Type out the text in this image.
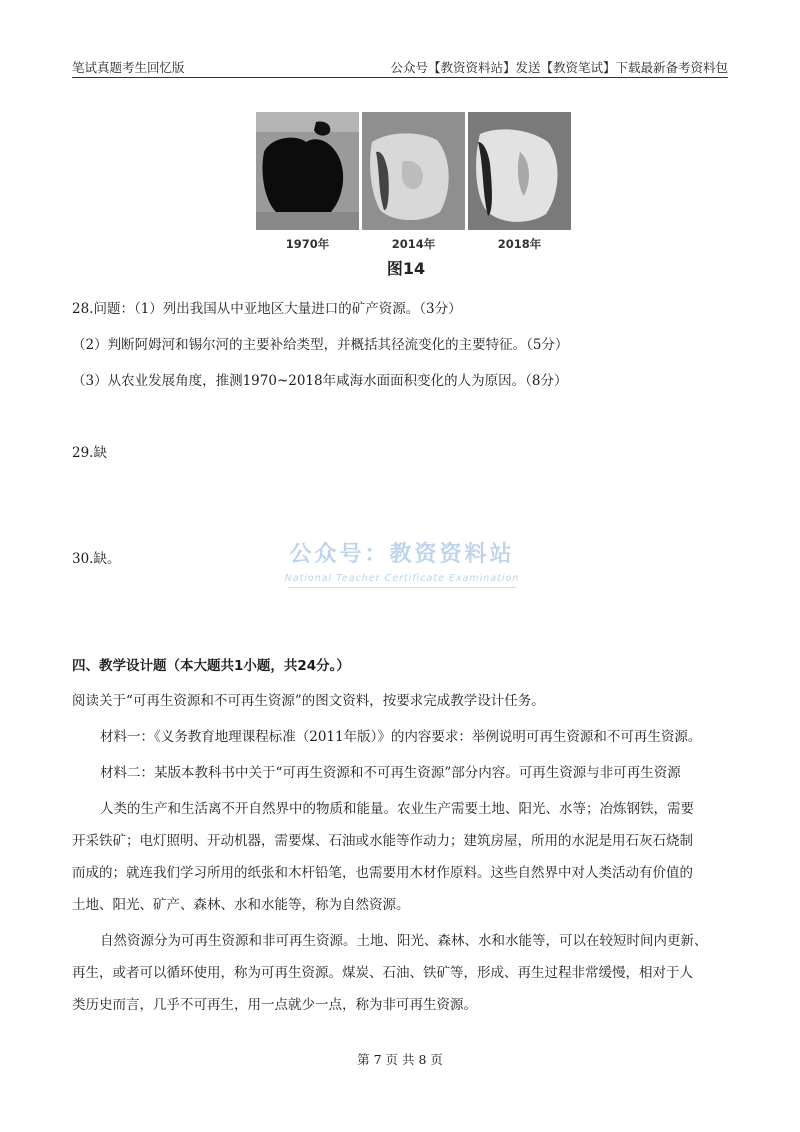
笔试真题考生回忆版	公众号【教资资料站】发送【教资笔试】下载最新备考资料包
1970年	2014年	2018年
图14
28.问题：（1）列出我国从中亚地区大量进口的矿产资源。（3分）
（2）判断阿姆河和锡尔河的主要补给类型，并概括其径流变化的主要特征。（5分）
（3）从农业发展角度，推测1970~2018年咸海水面面积变化的人为原因。（8分）
29.缺
30.缺。	公众号：教资资料站
National Teacher Certificate Examination
四、教学设计题（本大题共1小题，共24分。）
阅读关于“可再生资源和不可再生资源”的图文资料，按要求完成教学设计任务。
材料一：《义务教育地理课程标准（2011年版）》的内容要求：举例说明可再生资源和不可再生资源。
材料二：某版本教科书中关于“可再生资源和不可再生资源”部分内容。可再生资源与非可再生资源
人类的生产和生活离不开自然界中的物质和能量。农业生产需要土地、阳光、水等；冶炼钢铁，需要
开采铁矿；电灯照明、开动机器，需要煤、石油或水能等作动力；建筑房屋，所用的水泥是用石灰石烧制
而成的；就连我们学习所用的纸张和木杆铅笔，也需要用木材作原料。这些自然界中对人类活动有价值的
土地、阳光、矿产、森林、水和水能等，称为自然资源。
自然资源分为可再生资源和非可再生资源。土地、阳光、森林、水和水能等，可以在较短时间内更新、
再生，或者可以循环使用，称为可再生资源。煤炭、石油、铁矿等，形成、再生过程非常缓慢，相对于人
类历史而言，几乎不可再生，用一点就少一点，称为非可再生资源。
第 7 页 共 8 页
